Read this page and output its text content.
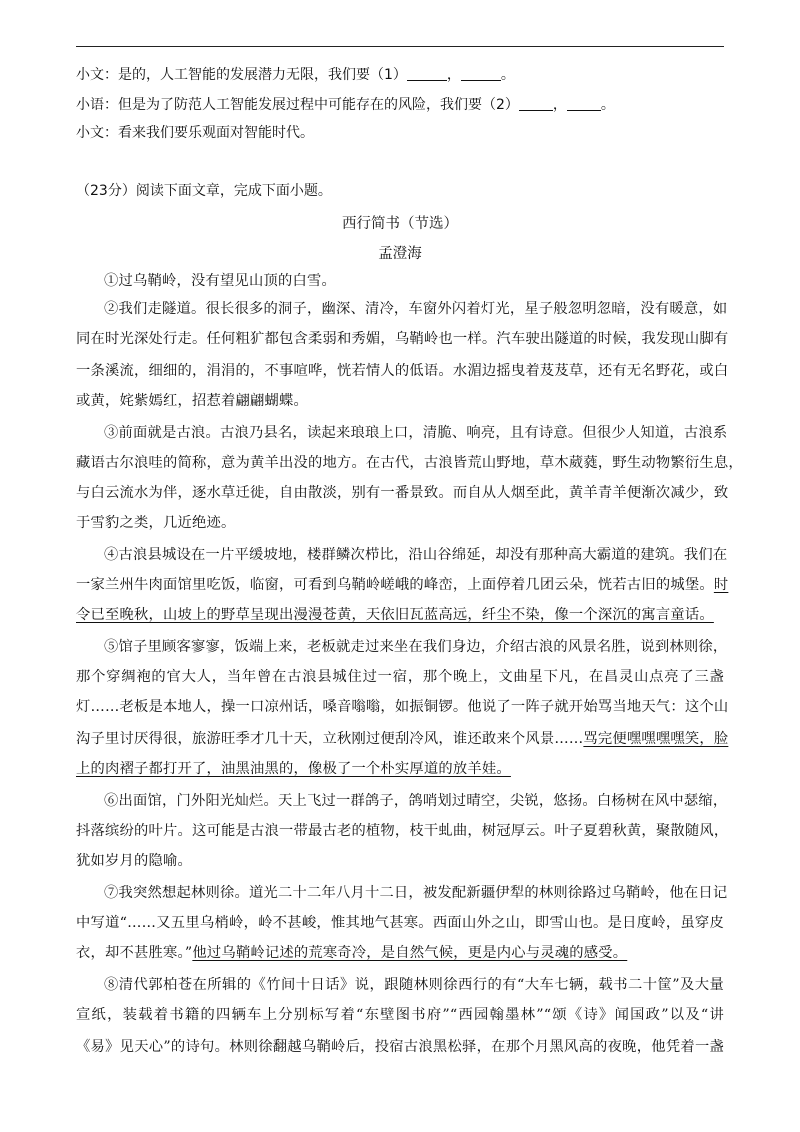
小文：是的，人工智能的发展潜力无限，我们要（1）	，	。
小语：但是为了防范人工智能发展过程中可能存在的风险，我们要（2） ， 。
小文：看来我们要乐观面对智能时代。
（23分）阅读下面文章，完成下面小题。
西行简书（节选）
孟澄海
①过乌鞘岭，没有望见山顶的白雪。
②我们走隧道。很长很多的洞子，幽深、清冷，车窗外闪着灯光，星子般忽明忽暗，没有暖意，如
同在时光深处行走。任何粗犷都包含柔弱和秀媚，乌鞘岭也一样。汽车驶出隧道的时候，我发现山脚有
一条溪流，细细的，涓涓的，不事喧哗，恍若情人的低语。水湄边摇曳着芨芨草，还有无名野花，或白
或黄，姹紫嫣红，招惹着翩翩蝴蝶。
③前面就是古浪。古浪乃县名，读起来琅琅上口，清脆、响亮，且有诗意。但很少人知道，古浪系
藏语古尔浪哇的简称，意为黄羊出没的地方。在古代，古浪皆荒山野地，草木葳蕤，野生动物繁衍生息，
与白云流水为伴，逐水草迁徙，自由散淡，别有一番景致。而自从人烟至此，黄羊青羊便渐次减少，致
于雪豹之类，几近绝迹。
④古浪县城设在一片平缓坡地，楼群鳞次栉比，沿山谷绵延，却没有那种高大霸道的建筑。我们在
一家兰州牛肉面馆里吃饭，临窗，可看到乌鞘岭嵯峨的峰峦，上面停着几团云朵，恍若古旧的城堡。时
令已至晚秋，山坡上的野草呈现出漫漫苍黄，天依旧瓦蓝高远，纤尘不染，像一个深沉的寓言童话。
⑤馆子里顾客寥寥，饭端上来，老板就走过来坐在我们身边，介绍古浪的风景名胜，说到林则徐，
那个穿绸袍的官大人，当年曾在古浪县城住过一宿，那个晚上，文曲星下凡，在昌灵山点亮了三盏
灯……老板是本地人，操一口凉州话，嗓音嗡嗡，如振铜锣。他说了一阵子就开始骂当地天气：这个山
沟子里讨厌得很，旅游旺季才几十天，立秋刚过便刮冷风，谁还敢来个风景……骂完便嘿嘿嘿嘿笑，脸
上的肉褶子都打开了，油黑油黑的，像极了一个朴实厚道的放羊娃。
⑥出面馆，门外阳光灿烂。天上飞过一群鸽子，鸽哨划过晴空，尖锐，悠扬。白杨树在风中瑟缩，
抖落缤纷的叶片。这可能是古浪一带最古老的植物，枝干虬曲，树冠厚云。叶子夏碧秋黄，聚散随风，
犹如岁月的隐喻。
⑦我突然想起林则徐。道光二十二年八月十二日，被发配新疆伊犁的林则徐路过乌鞘岭，他在日记
中写道“……又五里乌梢岭，岭不甚峻，惟其地气甚寒。西面山外之山，即雪山也。是日度岭，虽穿皮
衣，却不甚胜寒。”他过乌鞘岭记述的荒寒奇冷，是自然气候，更是内心与灵魂的感受。
⑧清代郭柏苍在所辑的《竹间十日话》说，跟随林则徐西行的有“大车七辆，载书二十筐”及大量
宣纸，装载着书籍的四辆车上分别标写着“东壁图书府”“西园翰墨林”“颂《诗》闻国政”以及“讲
《易》见天心”的诗句。林则徐翻越乌鞘岭后，投宿古浪黑松驿，在那个月黑风高的夜晚，他凭着一盏
